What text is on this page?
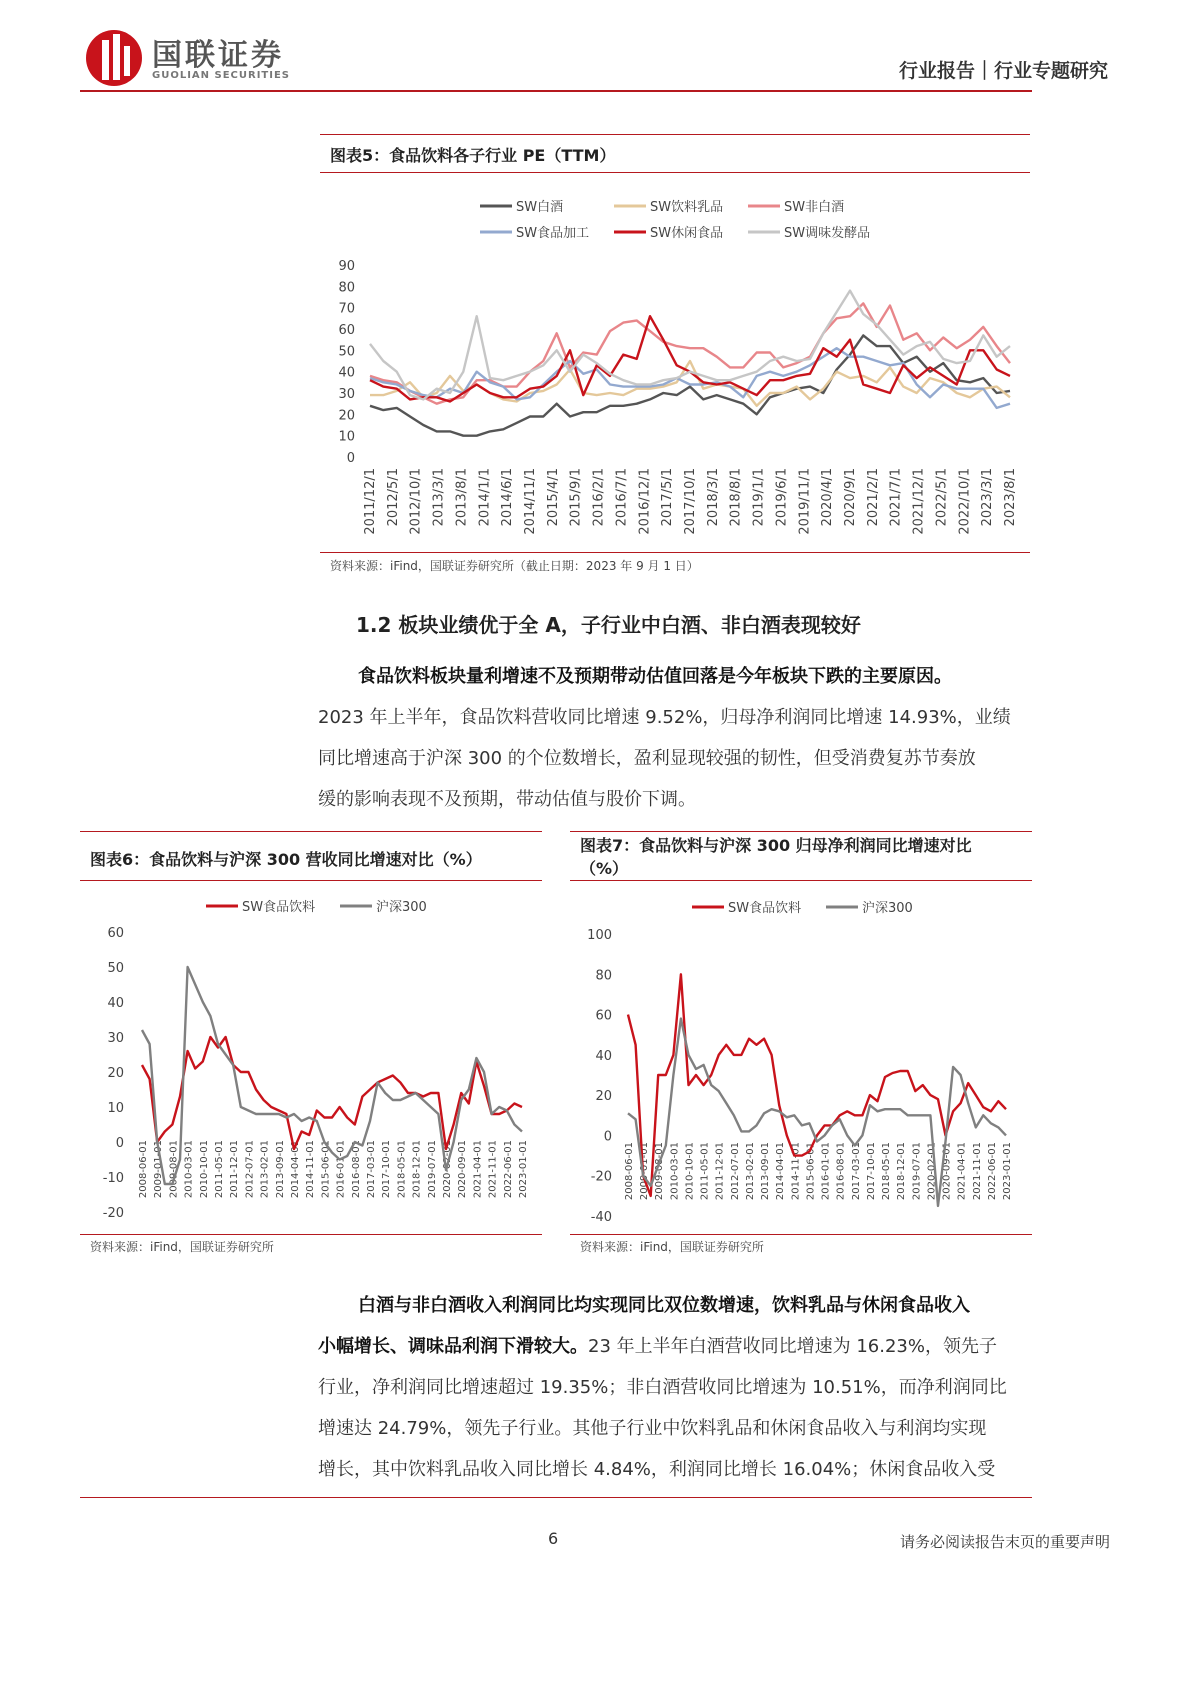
国联证券
GUOLIAN SECURITIES	行业报告｜行业专题研究
图表5：食品饮料各子行业 PE（TTM）
SW白酒	SW饮料乳品	SW非白酒
SW食品加工	SW休闲食品	SW调味发酵品
0
10
20
30
40
50
60
70
80
90
2011/12/1 2012/5/1 2012/10/1 2013/3/1 2013/8/1 2014/1/1 2014/6/1 2014/11/1 2015/4/1 2015/9/1 2016/2/1 2016/7/1 2016/12/1 2017/5/1 2017/10/1 2018/3/1 2018/8/1 2019/1/1 2019/6/1 2019/11/1 2020/4/1 2020/9/1 2021/2/1 2021/7/1 2021/12/1 2022/5/1 2022/10/1 2023/3/1 2023/8/1
资料来源：iFind，国联证券研究所（截止日期：2023 年 9 月 1 日）
1.2 板块业绩优于全 A，子行业中白酒、非白酒表现较好
食品饮料板块量利增速不及预期带动估值回落是今年板块下跌的主要原因。
2023 年上半年，食品饮料营收同比增速 9.52%，归母净利润同比增速 14.93%，业绩
同比增速高于沪深 300 的个位数增长，盈利显现较强的韧性，但受消费复苏节奏放
缓的影响表现不及预期，带动估值与股价下调。
图表6：食品饮料与沪深 300 营收同比增速对比（%）
SW食品饮料	沪深300
-20
-10
0
10
20
30
40
50
60
2008-06-01 2009-01-01 2009-08-01 2010-03-01 2010-10-01 2011-05-01 2011-12-01 2012-07-01 2013-02-01 2013-09-01 2014-04-01 2014-11-01 2015-06-01 2016-01-01 2016-08-01 2017-03-01 2017-10-01 2018-05-01 2018-12-01 2019-07-01 2020-02-01 2020-09-01 2021-04-01 2021-11-01 2022-06-01 2023-01-01
资料来源：iFind，国联证券研究所
图表7：食品饮料与沪深 300 归母净利润同比增速对比
（%）
SW食品饮料	沪深300
-40
-20
0
20
40
60
80
100
2008-06-01 2009-01-01 2009-08-01 2010-03-01 2010-10-01 2011-05-01 2011-12-01 2012-07-01 2013-02-01 2013-09-01 2014-04-01 2014-11-01 2015-06-01 2016-01-01 2016-08-01 2017-03-01 2017-10-01 2018-05-01 2018-12-01 2019-07-01 2020-02-01 2020-09-01 2021-04-01 2021-11-01 2022-06-01 2023-01-01
资料来源：iFind，国联证券研究所
白酒与非白酒收入利润同比均实现同比双位数增速，饮料乳品与休闲食品收入
小幅增长、调味品利润下滑较大。23 年上半年白酒营收同比增速为 16.23%，领先子
行业，净利润同比增速超过 19.35%；非白酒营收同比增速为 10.51%，而净利润同比
增速达 24.79%，领先子行业。其他子行业中饮料乳品和休闲食品收入与利润均实现
增长，其中饮料乳品收入同比增长 4.84%，利润同比增长 16.04%；休闲食品收入受
6	请务必阅读报告末页的重要声明
